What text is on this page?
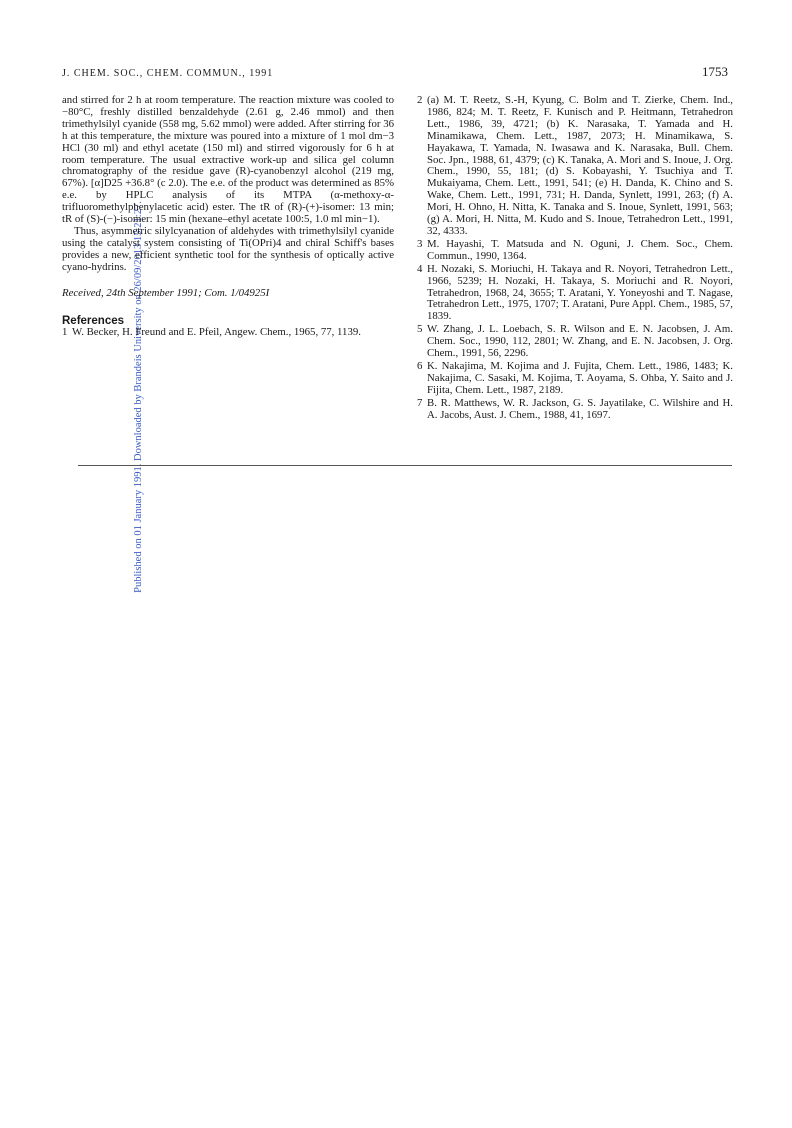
Published on 01 January 1991. Downloaded by Brandeis University on 26/09/2013 15:21:27.
J. CHEM. SOC., CHEM. COMMUN., 1991	1753

and stirred for 2 h at room temperature. The reaction mixture was cooled to −80°C, freshly distilled benzaldehyde (2.61 g, 2.46 mmol) and then trimethylsilyl cyanide (558 mg, 5.62 mmol) were added. After stirring for 36 h at this temperature, the mixture was poured into a mixture of 1 mol dm−3 HCl (30 ml) and ethyl acetate (150 ml) and stirred vigorously for 6 h at room temperature. The usual extractive work-up and silica gel column chromatography of the residue gave (R)-cyanobenzyl alcohol (219 mg, 67%). [α]D25 +36.8° (c 2.0). The e.e. of the product was determined as 85% e.e. by HPLC analysis of its MTPA (α-methoxy-α-trifluoromethylphenylacetic acid) ester. The tR of (R)-(+)-isomer: 13 min; tR of (S)-(−)-isomer: 15 min (hexane–ethyl acetate 100:5, 1.0 ml min−1).

Thus, asymmetric silylcyanation of aldehydes with trimethylsilyl cyanide using the catalyst system consisting of Ti(OPri)4 and chiral Schiff's bases provides a new, efficient synthetic tool for the synthesis of optically active cyano-hydrins.

Received, 24th September 1991; Com. 1/04925I

References
1 W. Becker, H. Freund and E. Pfeil, Angew. Chem., 1965, 77, 1139.
2 (a) M. T. Reetz, S.-H, Kyung, C. Bolm and T. Zierke, Chem. Ind., 1986, 824; M. T. Reetz, F. Kunisch and P. Heitmann, Tetrahedron Lett., 1986, 39, 4721; (b) K. Narasaka, T. Yamada and H. Minamikawa, Chem. Lett., 1987, 2073; H. Minamikawa, S. Hayakawa, T. Yamada, N. Iwasawa and K. Narasaka, Bull. Chem. Soc. Jpn., 1988, 61, 4379; (c) K. Tanaka, A. Mori and S. Inoue, J. Org. Chem., 1990, 55, 181; (d) S. Kobayashi, Y. Tsuchiya and T. Mukaiyama, Chem. Lett., 1991, 541; (e) H. Danda, K. Chino and S. Wake, Chem. Lett., 1991, 731; H. Danda, Synlett, 1991, 263; (f) A. Mori, H. Ohno, H. Nitta, K. Tanaka and S. Inoue, Synlett, 1991, 563; (g) A. Mori, H. Nitta, M. Kudo and S. Inoue, Tetrahedron Lett., 1991, 32, 4333.
3 M. Hayashi, T. Matsuda and N. Oguni, J. Chem. Soc., Chem. Commun., 1990, 1364.
4 H. Nozaki, S. Moriuchi, H. Takaya and R. Noyori, Tetrahedron Lett., 1966, 5239; H. Nozaki, H. Takaya, S. Moriuchi and R. Noyori, Tetrahedron, 1968, 24, 3655; T. Aratani, Y. Yoneyoshi and T. Nagase, Tetrahedron Lett., 1975, 1707; T. Aratani, Pure Appl. Chem., 1985, 57, 1839.
5 W. Zhang, J. L. Loebach, S. R. Wilson and E. N. Jacobsen, J. Am. Chem. Soc., 1990, 112, 2801; W. Zhang, and E. N. Jacobsen, J. Org. Chem., 1991, 56, 2296.
6 K. Nakajima, M. Kojima and J. Fujita, Chem. Lett., 1986, 1483; K. Nakajima, C. Sasaki, M. Kojima, T. Aoyama, S. Ohba, Y. Saito and J. Fijita, Chem. Lett., 1987, 2189.
7 B. R. Matthews, W. R. Jackson, G. S. Jayatilake, C. Wilshire and H. A. Jacobs, Aust. J. Chem., 1988, 41, 1697.
